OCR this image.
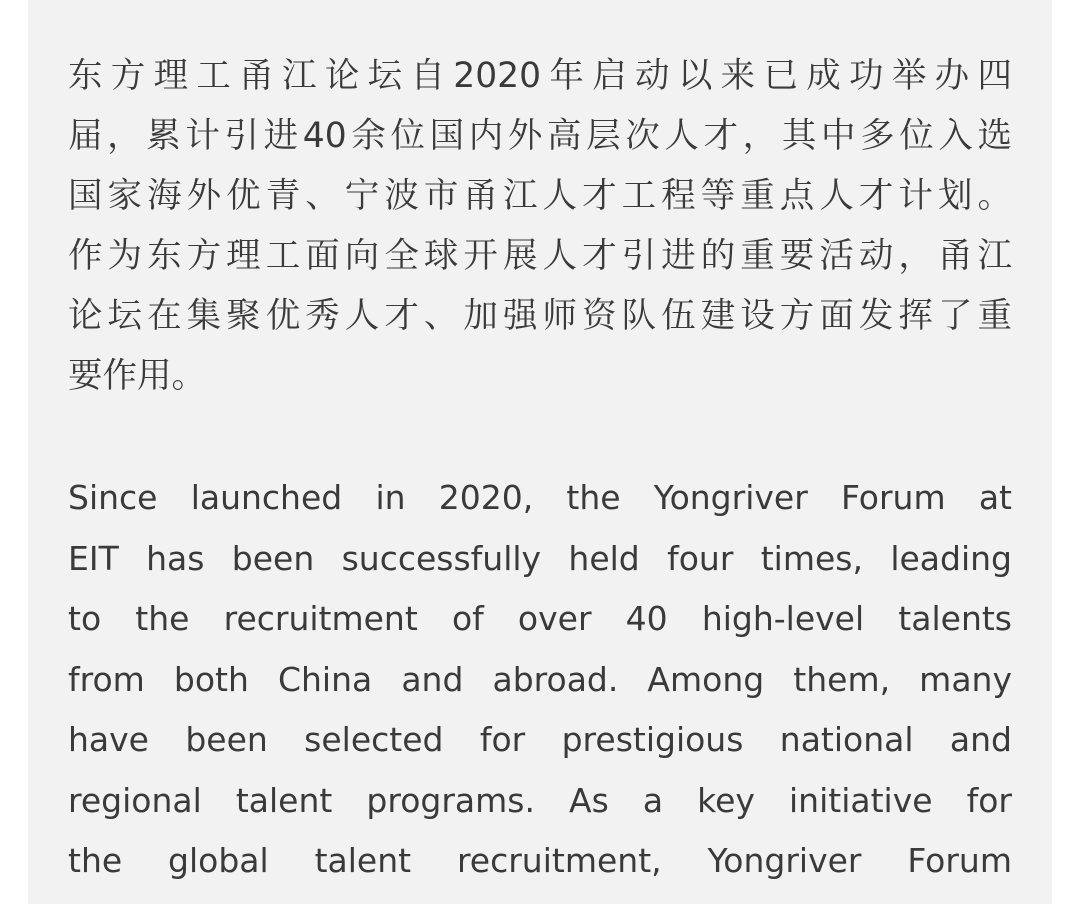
东方理工甬江论坛自2020年启动以来已成功举办四
届，累计引进40余位国内外高层次人才，其中多位入选
国家海外优青、宁波市甬江人才工程等重点人才计划。
作为东方理工面向全球开展人才引进的重要活动，甬江
论坛在集聚优秀人才、加强师资队伍建设方面发挥了重
要作用。
Since launched in 2020, the Yongriver Forum at
EIT has been successfully held four times, leading
to the recruitment of over 40 high-level talents
from both China and abroad. Among them, many
have been selected for prestigious national and
regional talent programs. As a key initiative for
the global talent recruitment, Yongriver Forum
